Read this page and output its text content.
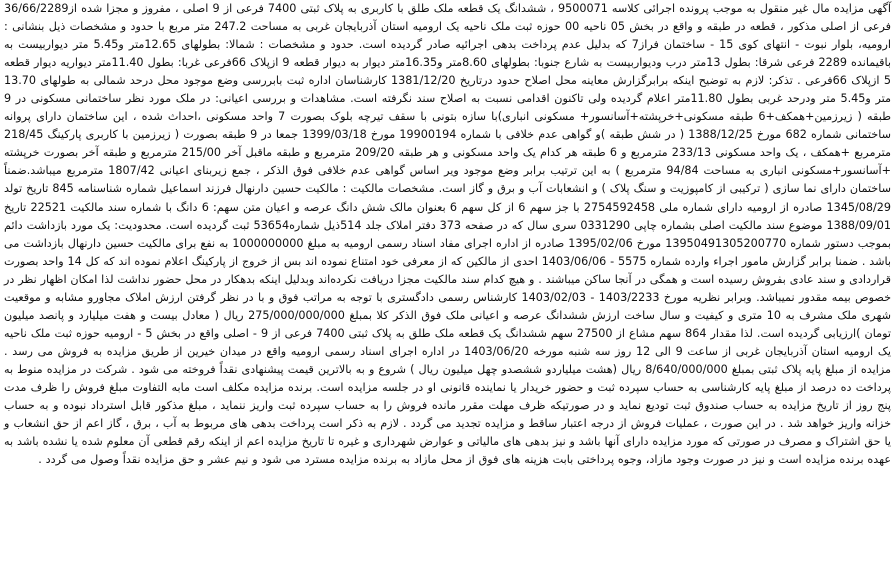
آگهی مزایده مال غیر منقول به موجب پرونده اجرائی کلاسه 9500071 ، ششدانگ یک قطعه ملک طلق با کاربری به پلاک ثبتی 7400 فرعی از 9 اصلی ، مفروز و مجزا شده از36/66/2289 فرعی از اصلی مذکور ، قطعه در طبقه و واقع در بخش 05 ناحیه 00 حوزه ثبت ملک ناحیه یک ارومیه استان آذربایجان غربی به مساحت 247.2 متر مربع با حدود و مشخصات ذیل بنشانی : ارومیه، بلوار نبوت - انتهای کوی 15 - ساختمان فراز7 که بدلیل عدم پرداخت بدهی اجرائیه صادر گردیده است. حدود و مشخصات : شمالا: بطولهای 12.65متر و5.45 متر دیواربیست به باقیمانده 2289 فرعی شرقا: بطول 13متر درب ودیواربیست به شارع جنوبا: بطولهای 8.60متر و16.35متر دیوار به دیوار قطعه 9 ازپلاک 66فرعی غربا: بطول 11.40متر دیواریه دیوار قطعه 5 ازپلاک 66فرعی . تذکر: لازم به توضیح اینکه برابرگزارش معاینه محل اصلاح حدود درتاریخ 1381/12/20 کارشناسان اداره ثبت بابررسی وضع موجود محل درحد شمالی به طولهای 13.70 متر و5.45 متر ودرحد غربی بطول 11.80متر اعلام گردیده ولی تاکنون اقدامی نسبت به اصلاح سند نگرفته است. مشاهدات و بررسی اعیانی: در ملک مورد نظر ساختمانی مسکونی در 9 طبقه ( زیرزمین+همکف+6 طبقه مسکونی+خرپشته+آسانسور+ مسکونی انباری)با سازه بتونی با سقف تیرچه بلوک بصورت 7 واحد مسکونی ،احداث شده ، این ساختمان دارای پروانه ساختمانی شماره 682 مورخ 1388/12/25 ( در شش طبقه )و گواهی عدم خلافی با شماره 19900194 مورخ 1399/03/18 جمعا در 9 طبقه بصورت ( زیرزمین با کاربری پارکینگ 218/45 مترمربع +همکف ، یک واحد مسکونی 233/13 مترمربع و 6 طبقه هر کدام یک واحد مسکونی و هر طبقه 209/20 مترمربع و طبقه ماقبل آخر 215/00 مترمربع و طبقه آخر بصورت خرپشته +آسانسور+مسکونی انباری به مساحت 94/84 مترمربع ) به این ترتیب برابر وضع موجود ویر اساس گواهی عدم خلافی فوق الذکر ، جمع زیربنای اعیانی 1807/42 مترمربع میباشد.ضمناً ساختمان دارای نما سازی ( ترکیبی از کامپوزیت و سنگ پلاک ) و انشعابات آب و برق و گاز است. مشخصات مالکیت : مالکیت حسین دارنهال فرزند اسماعیل شماره شناسنامه 845 تاریخ تولد 1345/08/29 صادره از ارومیه دارای شماره ملی 2754592458 با جز سهم 6 از کل سهم 6 بعنوان مالک شش دانگ عرصه و اعیان متن سهم: 6 دانگ با شماره سند مالکیت 22521 تاریخ 1388/09/01 موضوع سند مالکیت اصلی بشماره چاپی 0331290 سری سال که در صفحه 373 دفتر املاک جلد 514ذیل شماره53654 ثبت گردیده است. محدودیت: یک مورد بازداشت دائم بموجب دستور شماره 13950491305200770 مورخ 1395/02/06 صادره از اداره اجرای مفاد اسناد رسمی ارومیه به مبلغ 1000000000 به نفع برای مالکیت حسین دارنهال بازداشت می باشد . ضمنا برابر گزارش مامور اجراء وارده شماره 5575 - 1403/06/06 احدی از مالکین که از معرفی خود امتناع نموده اند بس از خروج از پارکینگ اعلام نموده اند که کل 14 واحد بصورت قراردادی و سند عادی بفروش رسیده است و همگی در آنجا ساکن میباشند . و هیچ کدام سند مالکیت مجزا دریافت نکرده‌اند وبدلیل اینکه بدهکار در محل حضور نداشت لذا امکان اظهار نظر در خصوص بیمه مقدور نمیباشد. وبرابر نظریه مورخ 1403/2233 - 1403/02/03 کارشناس رسمی دادگستری با توجه به مراتب فوق و با در نظر گرفتن ارزش املاک مجاورو مشابه و موقعیت شهری ملک مشرف به 10 متری و کیفیت و سال ساخت ارزش ششدانگ عرصه و اعیانی ملک فوق الذکر کلا بمبلغ 275/000/000/000 ریال ( معادل بیست و هفت میلیارد و پانصد میلیون تومان )ارزیابی گردیده است. لذا مقدار 864 سهم مشاع از 27500 سهم ششدانگ یک قطعه ملک طلق به پلاک ثبتی 7400 فرعی از 9 - اصلی واقع در بخش 5 - ارومیه حوزه ثبت ملک ناحیه یک ارومیه استان آذربایجان غربی از ساعت 9 الی 12 روز سه شنبه مورخه 1403/06/20 در اداره اجرای اسناد رسمی ارومیه واقع در میدان خیرین از طریق مزایده به فروش می رسد . مزایده از مبلغ پایه پلاک ثبتی بمبلغ 8/640/000/000 ریال (هشت میلیاردو ششصدو چهل میلیون ریال ) شروع و به بالاترین قیمت پیشنهادی نقداً فروخته می شود . شرکت در مزایده منوط به پرداخت ده درصد از مبلغ پایه کارشناسی به حساب سپرده ثبت و حضور خریدار یا نماینده قانونی او در جلسه مزایده است. برنده مزایده مکلف است مابه التفاوت مبلغ فروش را ظرف مدت پنج روز از تاریخ مزایده به حساب صندوق ثبت تودیع نماید و در صورتیکه ظرف مهلت مقرر مانده فروش را به حساب سپرده ثبت واریز ننماید ، مبلغ مذکور قابل استرداد نبوده و به حساب خزانه واریز خواهد شد . در این صورت ، عملیات فروش از درجه اعتبار ساقط و مزایده تجدید می گردد . لازم به ذکر است پرداخت بدهی های مربوط به آب ، برق ، گاز اعم از حق انشعاب و یا حق اشتراک و مصرف در صورتی که مورد مزایده دارای آنها باشد و نیز بدهی های مالیاتی و عوارض شهرداری و غیره تا تاریخ مزایده اعم از اینکه رقم قطعی آن معلوم شده یا نشده باشد به عهده برنده مزایده است و نیز در صورت وجود مازاد، وجوه پرداختی بابت هزینه های فوق از محل مازاد به برنده مزایده مسترد می شود و نیم عشر و حق مزایده نقداً وصول می گردد .
